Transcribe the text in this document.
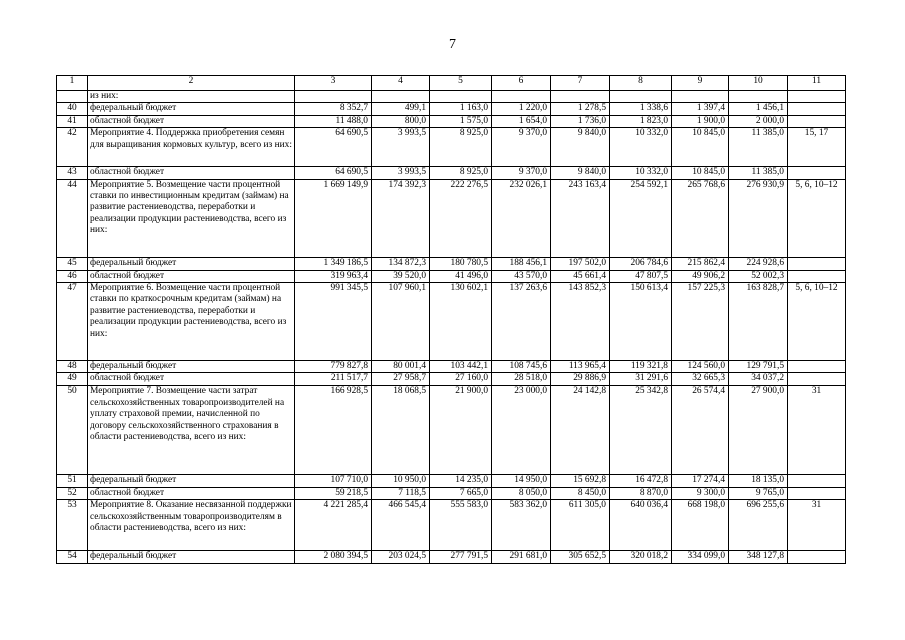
7
1	2	3	4	5	6	7	8	9	10	11
	из них:									
40	федеральный бюджет	8 352,7	499,1	1 163,0	1 220,0	1 278,5	1 338,6	1 397,4	1 456,1	
41	областной бюджет	11 488,0	800,0	1 575,0	1 654,0	1 736,0	1 823,0	1 900,0	2 000,0	
42	Мероприятие 4. Поддержка приобретения семян для выращивания кормовых культур, всего из них:	64 690,5	3 993,5	8 925,0	9 370,0	9 840,0	10 332,0	10 845,0	11 385,0	15, 17
43	областной бюджет	64 690,5	3 993,5	8 925,0	9 370,0	9 840,0	10 332,0	10 845,0	11 385,0	
44	Мероприятие 5. Возмещение части процентной ставки по инвестиционным кредитам (займам) на развитие растениеводства, переработки и реализации продукции растениеводства, всего из них:	1 669 149,9	174 392,3	222 276,5	232 026,1	243 163,4	254 592,1	265 768,6	276 930,9	5, 6, 10–12
45	федеральный бюджет	1 349 186,5	134 872,3	180 780,5	188 456,1	197 502,0	206 784,6	215 862,4	224 928,6	
46	областной бюджет	319 963,4	39 520,0	41 496,0	43 570,0	45 661,4	47 807,5	49 906,2	52 002,3	
47	Мероприятие 6. Возмещение части процентной ставки по краткосрочным кредитам (займам) на развитие растениеводства, переработки и реализации продукции растениеводства, всего из них:	991 345,5	107 960,1	130 602,1	137 263,6	143 852,3	150 613,4	157 225,3	163 828,7	5, 6, 10–12
48	федеральный бюджет	779 827,8	80 001,4	103 442,1	108 745,6	113 965,4	119 321,8	124 560,0	129 791,5	
49	областной бюджет	211 517,7	27 958,7	27 160,0	28 518,0	29 886,9	31 291,6	32 665,3	34 037,2	
50	Мероприятие 7. Возмещение части затрат сельскохозяйственных товаропроизводителей на уплату страховой премии, начисленной по договору сельскохозяйственного страхования в области растениеводства, всего из них:	166 928,5	18 068,5	21 900,0	23 000,0	24 142,8	25 342,8	26 574,4	27 900,0	31
51	федеральный бюджет	107 710,0	10 950,0	14 235,0	14 950,0	15 692,8	16 472,8	17 274,4	18 135,0	
52	областной бюджет	59 218,5	7 118,5	7 665,0	8 050,0	8 450,0	8 870,0	9 300,0	9 765,0	
53	Мероприятие 8. Оказание несвязанной поддержки сельскохозяйственным товаропроизводителям в области растениеводства, всего из них:	4 221 285,4	466 545,4	555 583,0	583 362,0	611 305,0	640 036,4	668 198,0	696 255,6	31
54	федеральный бюджет	2 080 394,5	203 024,5	277 791,5	291 681,0	305 652,5	320 018,2	334 099,0	348 127,8	
